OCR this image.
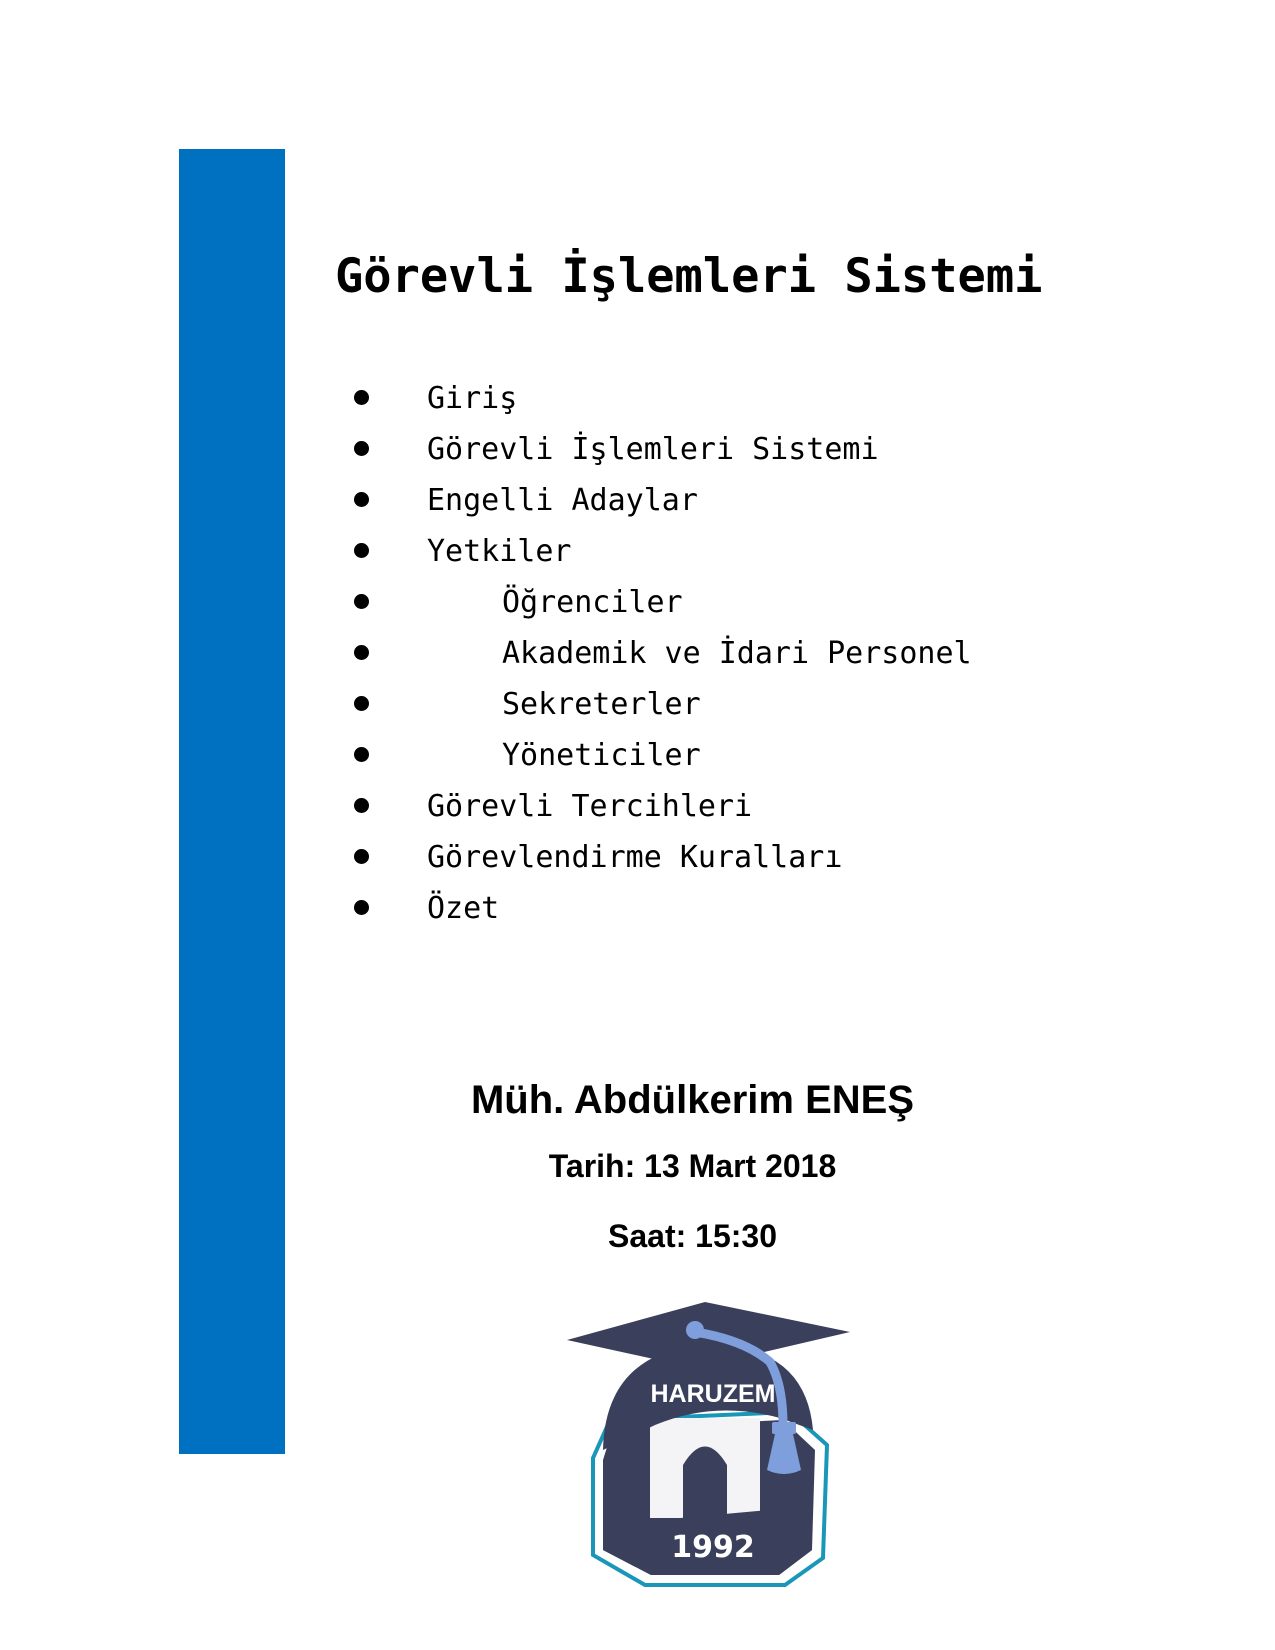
Görevli İşlemleri Sistemi
Giriş
Görevli İşlemleri Sistemi
Engelli Adaylar
Yetkiler
Öğrenciler
Akademik ve İdari Personel
Sekreterler
Yöneticiler
Görevli Tercihleri
Görevlendirme Kuralları
Özet
Müh. Abdülkerim ENEŞ
Tarih: 13 Mart 2018
Saat: 15:30
HARUZEM
1992
